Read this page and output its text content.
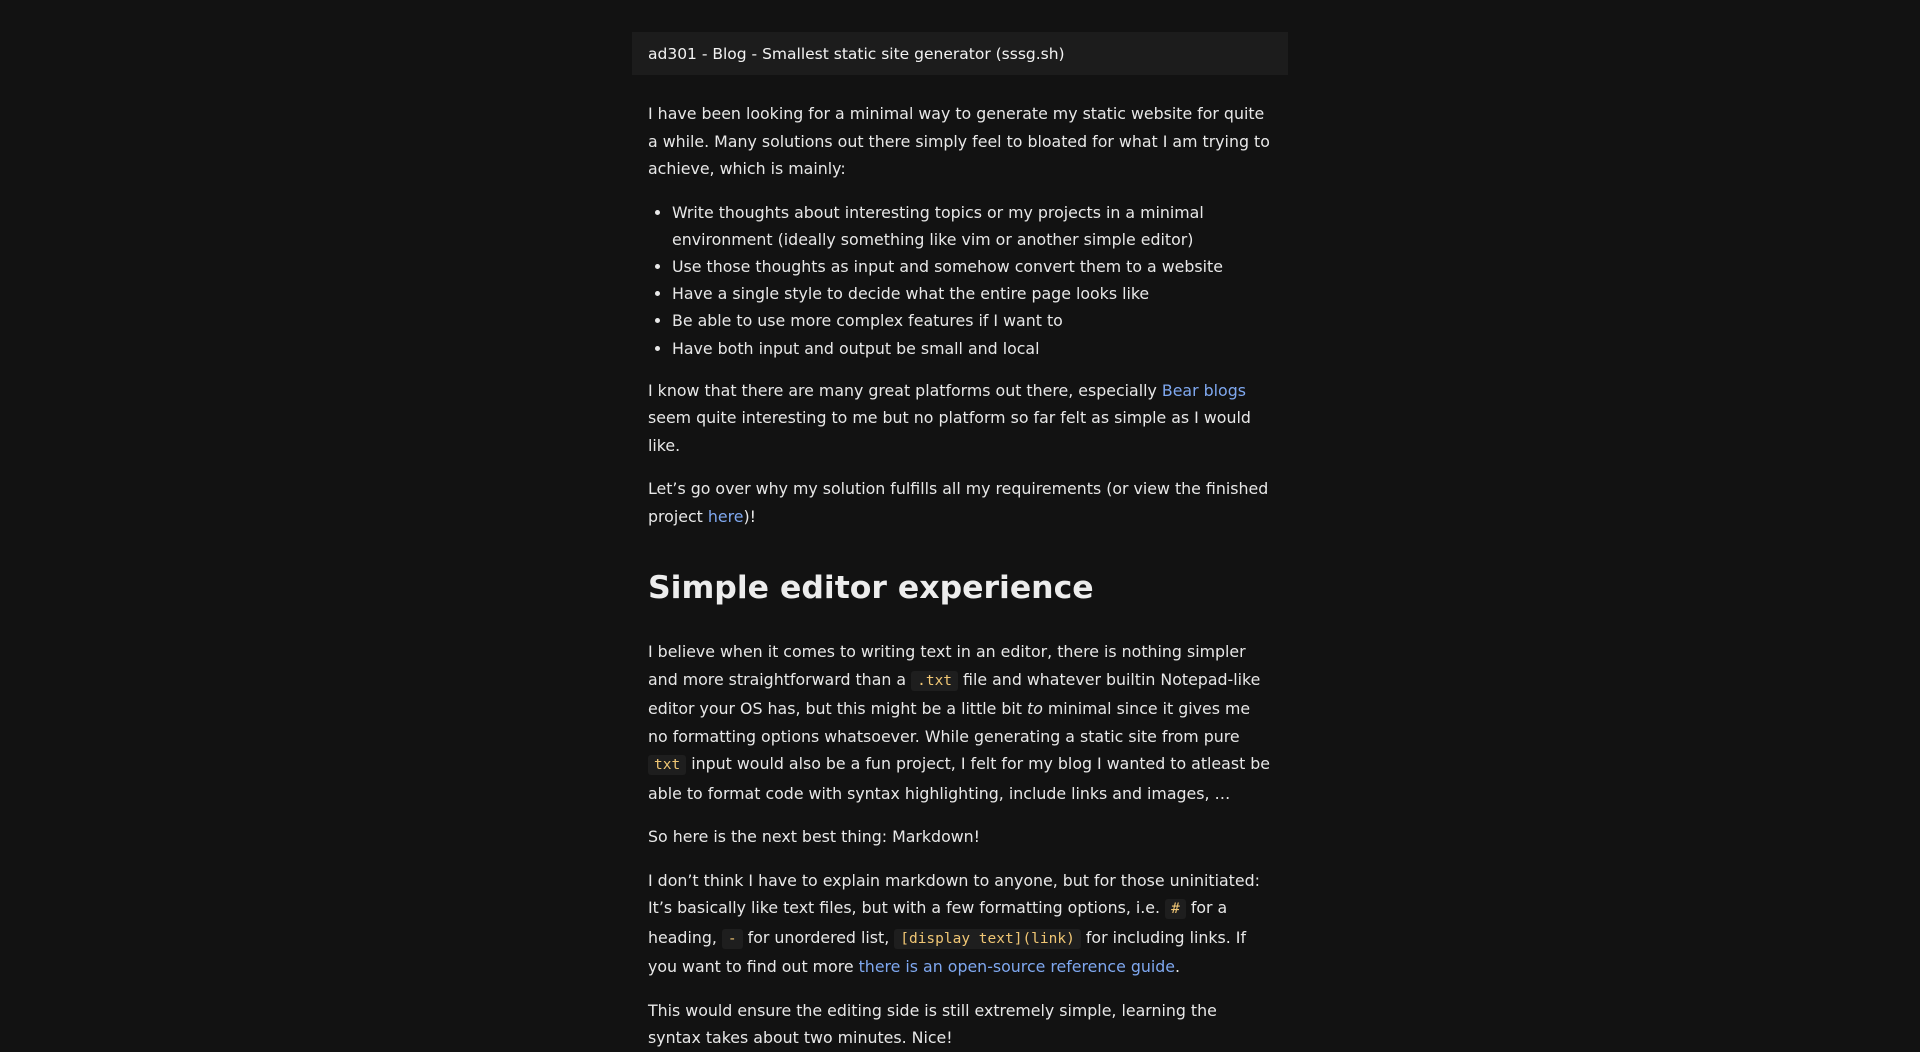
ad301 - Blog - Smallest static site generator (sssg.sh)

I have been looking for a minimal way to generate my static website for quite a while. Many solutions out there simply feel to bloated for what I am trying to achieve, which is mainly:

• Write thoughts about interesting topics or my projects in a minimal environment (ideally something like vim or another simple editor)
• Use those thoughts as input and somehow convert them to a website
• Have a single style to decide what the entire page looks like
• Be able to use more complex features if I want to
• Have both input and output be small and local

I know that there are many great platforms out there, especially Bear blogs seem quite interesting to me but no platform so far felt as simple as I would like.

Let’s go over why my solution fulfills all my requirements (or view the finished project here)!

Simple editor experience

I believe when it comes to writing text in an editor, there is nothing simpler and more straightforward than a .txt file and whatever builtin Notepad-like editor your OS has, but this might be a little bit to minimal since it gives me no formatting options whatsoever. While generating a static site from pure txt input would also be a fun project, I felt for my blog I wanted to atleast be able to format code with syntax highlighting, include links and images, …

So here is the next best thing: Markdown!

I don’t think I have to explain markdown to anyone, but for those uninitiated: It’s basically like text files, but with a few formatting options, i.e. # for a heading, - for unordered list, [display text](link) for including links. If you want to find out more there is an open-source reference guide.

This would ensure the editing side is still extremely simple, learning the syntax takes about two minutes. Nice!
